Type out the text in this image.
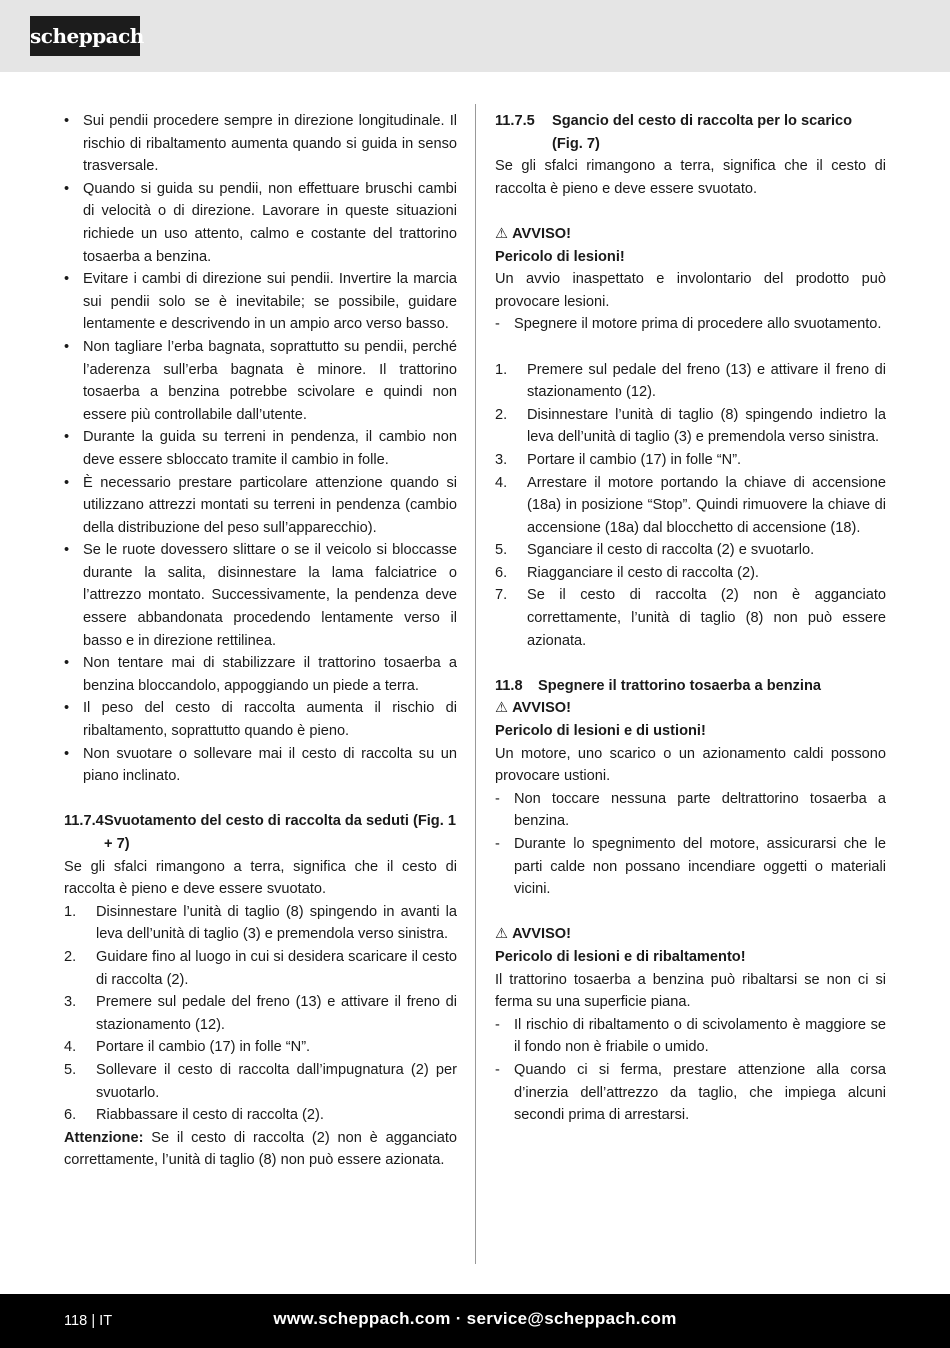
scheppach
• Sui pendii procedere sempre in direzione longitudinale. Il rischio di ribaltamento aumenta quando si guida in senso trasversale.
• Quando si guida su pendii, non effettuare bruschi cambi di velocità o di direzione. Lavorare in queste situazioni richiede un uso attento, calmo e costante del trattorino tosaerba a benzina.
• Evitare i cambi di direzione sui pendii. Invertire la marcia sui pendii solo se è inevitabile; se possibile, guidare lentamente e descrivendo in un ampio arco verso basso.
• Non tagliare l’erba bagnata, soprattutto su pendii, perché l’aderenza sull’erba bagnata è minore. Il trattorino tosaerba a benzina potrebbe scivolare e quindi non essere più controllabile dall’utente.
• Durante la guida su terreni in pendenza, il cambio non deve essere sbloccato tramite il cambio in folle.
• È necessario prestare particolare attenzione quando si utilizzano attrezzi montati su terreni in pendenza (cambio della distribuzione del peso sull’apparecchio).
• Se le ruote dovessero slittare o se il veicolo si bloccasse durante la salita, disinnestare la lama falciatrice o l’attrezzo montato. Successivamente, la pendenza deve essere abbandonata procedendo lentamente verso il basso e in direzione rettilinea.
• Non tentare mai di stabilizzare il trattorino tosaerba a benzina bloccandolo, appoggiando un piede a terra.
• Il peso del cesto di raccolta aumenta il rischio di ribaltamento, soprattutto quando è pieno.
• Non svuotare o sollevare mai il cesto di raccolta su un piano inclinato.
11.7.4 Svuotamento del cesto di raccolta da seduti (Fig. 1 + 7)

Se gli sfalci rimangono a terra, significa che il cesto di raccolta è pieno e deve essere svuotato.

1. Disinnestare l’unità di taglio (8) spingendo in avanti la leva dell’unità di taglio (3) e premendola verso sinistra.
2. Guidare fino al luogo in cui si desidera scaricare il cesto di raccolta (2).
3. Premere sul pedale del freno (13) e attivare il freno di stazionamento (12).
4. Portare il cambio (17) in folle “N”.
5. Sollevare il cesto di raccolta dall’impugnatura (2) per svuotarlo.
6. Riabbassare il cesto di raccolta (2).

Attenzione: Se il cesto di raccolta (2) non è agganciato correttamente, l’unità di taglio (8) non può essere azionata.

11.7.5	Sgancio del cesto di raccolta per lo scarico (Fig. 7)

Se gli sfalci rimangono a terra, significa che il cesto di raccolta è pieno e deve essere svuotato.

⚠ AVVISO!
Pericolo di lesioni!

Un avvio inaspettato e involontario del prodotto può provocare lesioni.

- Spegnere il motore prima di procedere allo svuotamento.
1. Premere sul pedale del freno (13) e attivare il freno di stazionamento (12).
2. Disinnestare l’unità di taglio (8) spingendo indietro la leva dell’unità di taglio (3) e premendola verso sinistra.
3. Portare il cambio (17) in folle “N”.
4. Arrestare il motore portando la chiave di accensione (18a) in posizione “Stop”. Quindi rimuovere la chiave di accensione (18a) dal blocchetto di accensione (18).
5. Sganciare il cesto di raccolta (2) e svuotarlo.
6. Riagganciare il cesto di raccolta (2).
7. Se il cesto di raccolta (2) non è agganciato correttamente, l’unità di taglio (8) non può essere azionata.
11.8	Spegnere il trattorino tosaerba a benzina
⚠ AVVISO!
Pericolo di lesioni e di ustioni!

Un motore, uno scarico o un azionamento caldi possono provocare ustioni.

- Non toccare nessuna parte deltrattorino tosaerba a benzina.
- Durante lo spegnimento del motore, assicurarsi che le parti calde non possano incendiare oggetti o materiali vicini.
⚠ AVVISO!
Pericolo di lesioni e di ribaltamento!

Il trattorino tosaerba a benzina può ribaltarsi se non ci si ferma su una superficie piana.

- Il rischio di ribaltamento o di scivolamento è maggiore se il fondo non è friabile o umido.
- Quando ci si ferma, prestare attenzione alla corsa d’inerzia dell’attrezzo da taglio, che impiega alcuni secondi prima di arrestarsi.
118 | IT	www.scheppach.com · service@scheppach.com
